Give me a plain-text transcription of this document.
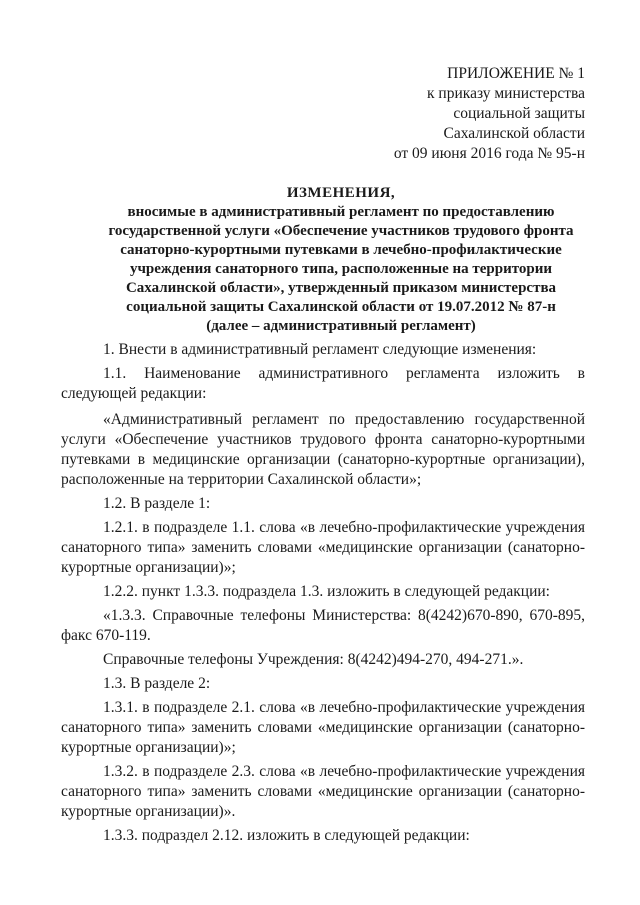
ПРИЛОЖЕНИЕ № 1
к приказу министерства
социальной защиты
Сахалинской области
от 09 июня 2016 года № 95-н
ИЗМЕНЕНИЯ,
вносимые в административный регламент по предоставлению
государственной услуги «Обеспечение участников трудового фронта
санаторно-курортными путевками в лечебно-профилактические
учреждения санаторного типа, расположенные на территории
Сахалинской области», утвержденный приказом министерства
социальной защиты Сахалинской области от 19.07.2012 № 87-н
(далее – административный регламент)
1. Внести в административный регламент следующие изменения:
1.1. Наименование административного регламента изложить в
следующей редакции:
«Административный регламент по предоставлению государственной
услуги «Обеспечение участников трудового фронта санаторно-курортными
путевками в медицинские организации (санаторно-курортные организации),
расположенные на территории Сахалинской области»;
1.2. В разделе 1:
1.2.1. в подразделе 1.1. слова «в лечебно-профилактические учреждения
санаторного типа» заменить словами «медицинские организации (санаторно-
курортные организации)»;
1.2.2. пункт 1.3.3. подраздела 1.3. изложить в следующей редакции:
«1.3.3. Справочные телефоны Министерства: 8(4242)670-890, 670-895,
факс 670-119.
Справочные телефоны Учреждения: 8(4242)494-270, 494-271.».
1.3. В разделе 2:
1.3.1. в подразделе 2.1. слова «в лечебно-профилактические учреждения
санаторного типа» заменить словами «медицинские организации (санаторно-
курортные организации)»;
1.3.2. в подразделе 2.3. слова «в лечебно-профилактические учреждения
санаторного типа» заменить словами «медицинские организации (санаторно-
курортные организации)».
1.3.3. подраздел 2.12. изложить в следующей редакции:
